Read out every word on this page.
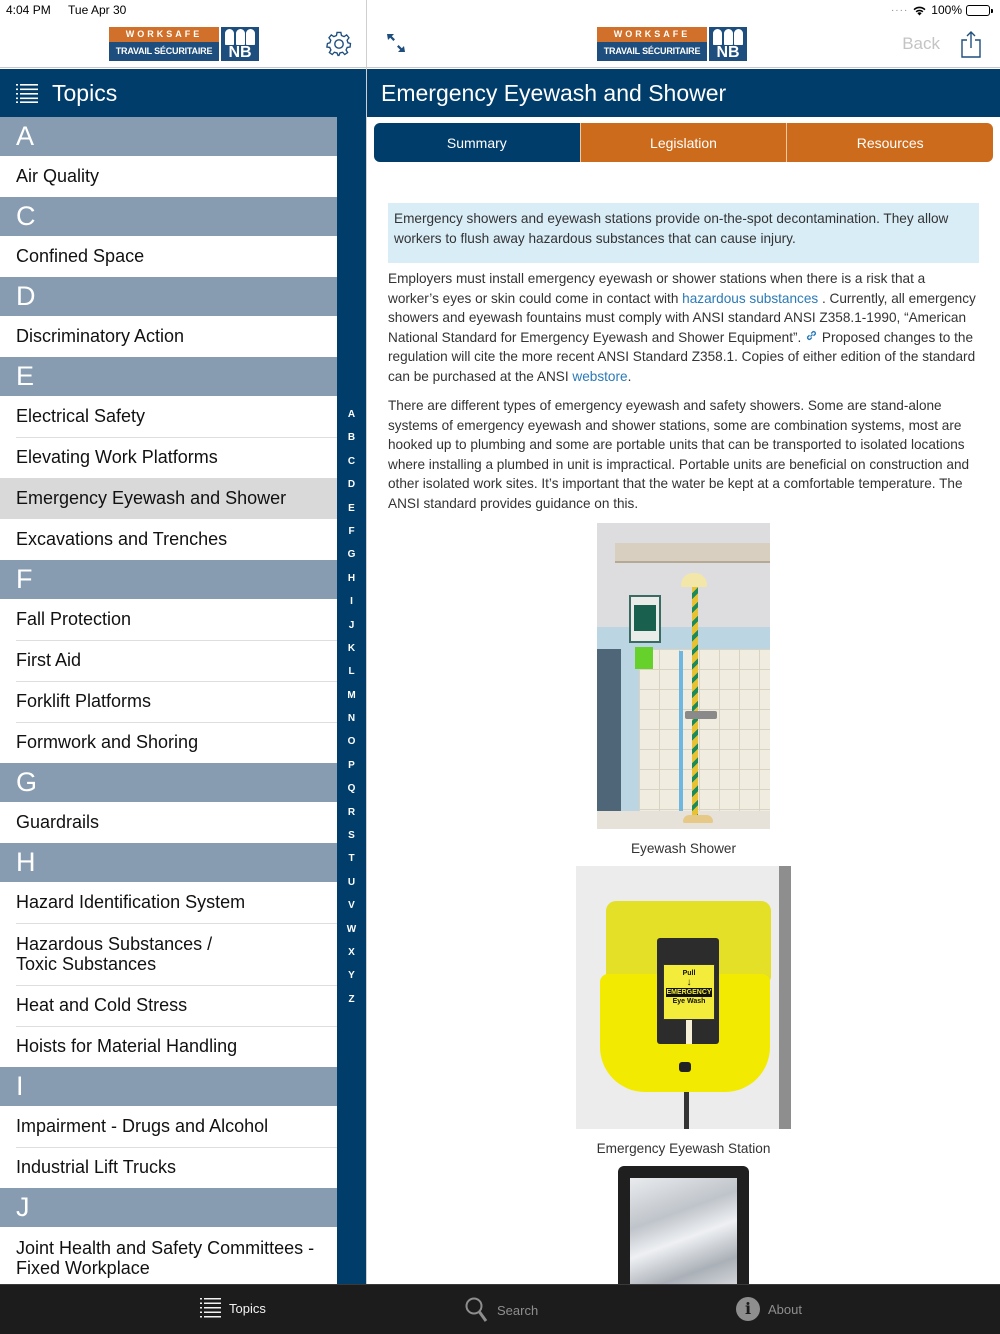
4:04 PM Tue Apr 30	···· 100%
WORKSAFE
TRAVAIL SÉCURITAIRE	NB
Topics
A
Air Quality
C
Confined Space
D
Discriminatory Action
E
Electrical Safety
Elevating Work Platforms
Emergency Eyewash and Shower
Excavations and Trenches
F
Fall Protection
First Aid
Forklift Platforms
Formwork and Shoring
G
Guardrails
H
Hazard Identification System
Hazardous Substances /
Toxic Substances
Heat and Cold Stress
Hoists for Material Handling
I
Impairment - Drugs and Alcohol
Industrial Lift Trucks
J
Joint Health and Safety Committees -
Fixed Workplace
A
B
C
D
E
F
G
H
I
J
K
L
M
N
O
P
Q
R
S
T
U
V
W
X
Y
Z
WORKSAFE
TRAVAIL SÉCURITAIRE	NB	Back
Emergency Eyewash and Shower
Summary	Legislation	Resources
Emergency showers and eyewash stations provide on-the-spot decontamination. They allow workers to flush away hazardous substances that can cause injury.

Employers must install emergency eyewash or shower stations when there is a risk that a worker’s eyes or skin could come in contact with hazardous substances . Currently, all emergency showers and eyewash fountains must comply with ANSI standard ANSI Z358.1-1990, “American National Standard for Emergency Eyewash and Shower Equipment”.  Proposed changes to the regulation will cite the more recent ANSI Standard Z358.1. Copies of either edition of the standard can be purchased at the ANSI webstore.

There are different types of emergency eyewash and safety showers. Some are stand-alone systems of emergency eyewash and shower stations, some are combination systems, most are hooked up to plumbing and some are portable units that can be transported to isolated locations where installing a plumbed in unit is impractical. Portable units are beneficial on construction and other isolated work sites. It’s important that the water be kept at a comfortable temperature. The ANSI standard provides guidance on this.

Eyewash Shower
Pull
↓
EMERGENCY
Eye Wash
Emergency Eyewash Station
Topics	Search	i	About
